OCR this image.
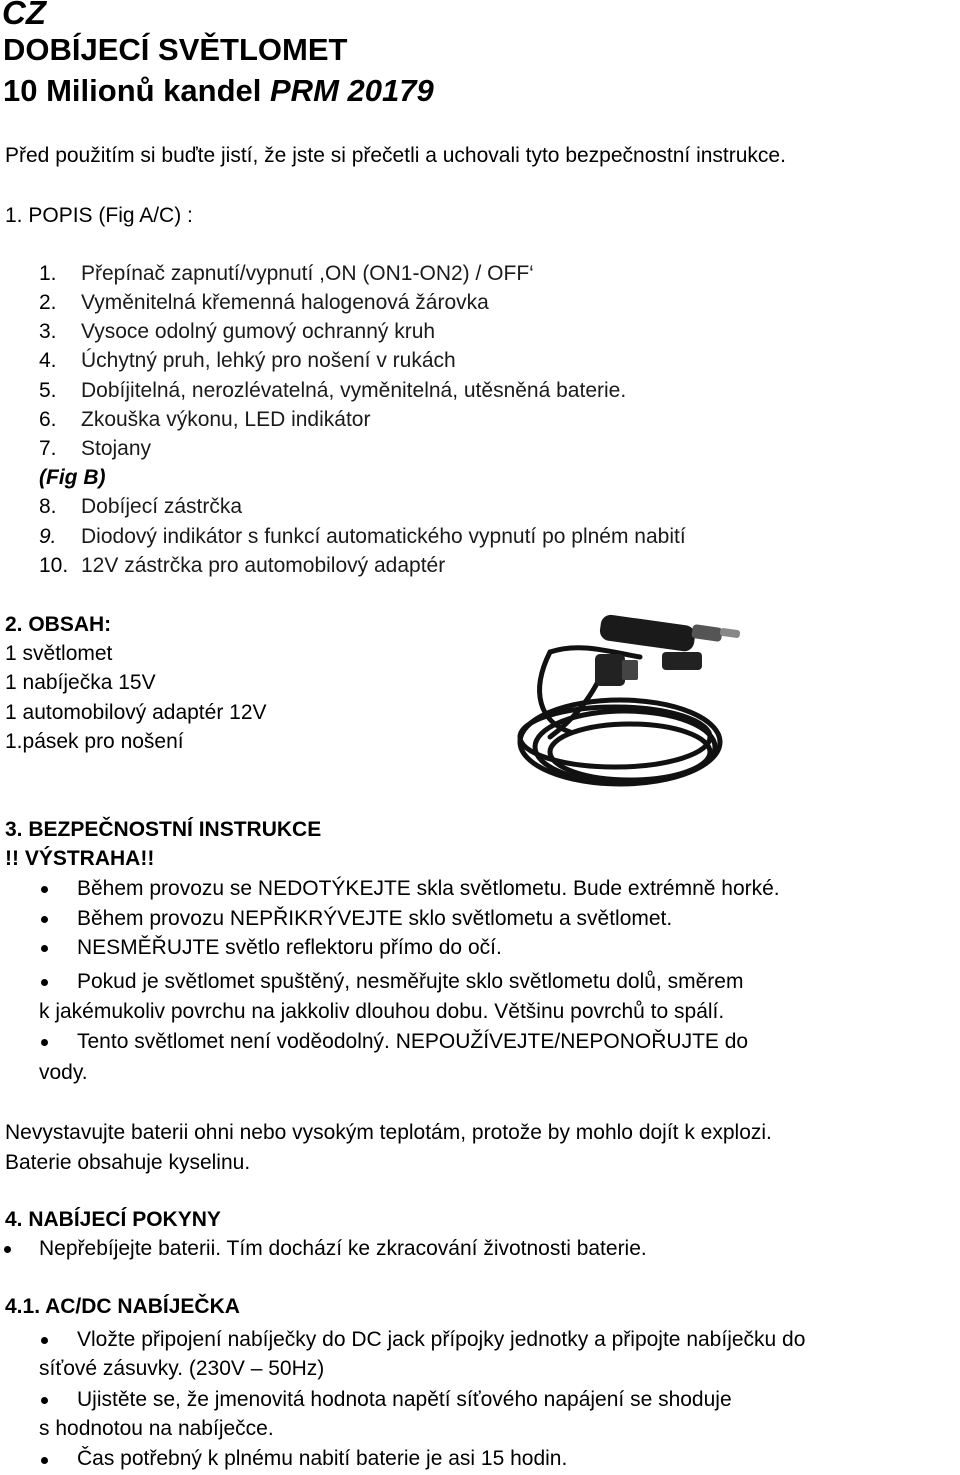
CZ
DOBÍJECÍ SVĚTLOMET
10 Milionů kandel PRM 20179
Před použitím si buďte jistí, že jste si přečetli a uchovali tyto bezpečnostní instrukce.
1. POPIS (Fig A/C) :
1. Přepínač zapnutí/vypnutí ,ON (ON1-ON2) / OFF‘
2. Vyměnitelná křemenná halogenová žárovka
3. Vysoce odolný gumový ochranný kruh
4. Úchytný pruh, lehký pro nošení v rukách
5. Dobíjitelná, nerozlévatelná, vyměnitelná, utěsněná baterie.
6. Zkouška výkonu, LED indikátor
7. Stojany
(Fig B)
8. Dobíjecí zástrčka
9. Diodový indikátor s funkcí automatického vypnutí po plném nabití
10. 12V zástrčka pro automobilový adaptér
2. OBSAH:
1 světlomet
1 nabíječka 15V
1 automobilový adaptér 12V
1.pásek pro nošení
3. BEZPEČNOSTNÍ INSTRUKCE
!! VÝSTRAHA!!
Během provozu se NEDOTÝKEJTE skla světlometu. Bude extrémně horké.
Během provozu NEPŘIKRÝVEJTE sklo světlometu a světlomet.
NESMĚŘUJTE světlo reflektoru přímo do očí.
Pokud je světlomet spuštěný, nesměřujte sklo světlometu dolů, směrem
k jakémukoliv povrchu na jakkoliv dlouhou dobu. Většinu povrchů to spálí.
Tento světlomet není voděodolný. NEPOUŽÍVEJTE/NEPONOŘUJTE do
vody.
Nevystavujte baterii ohni nebo vysokým teplotám, protože by mohlo dojít k explozi.
Baterie obsahuje kyselinu.
4. NABÍJECÍ POKYNY
Nepřebíjejte baterii. Tím dochází ke zkracování životnosti baterie.
4.1. AC/DC NABÍJEČKA
Vložte připojení nabíječky do DC jack přípojky jednotky a připojte nabíječku do
síťové zásuvky. (230V – 50Hz)
Ujistěte se, že jmenovitá hodnota napětí síťového napájení se shoduje
s hodnotou na nabíječce.
Čas potřebný k plnému nabití baterie je asi 15 hodin.
